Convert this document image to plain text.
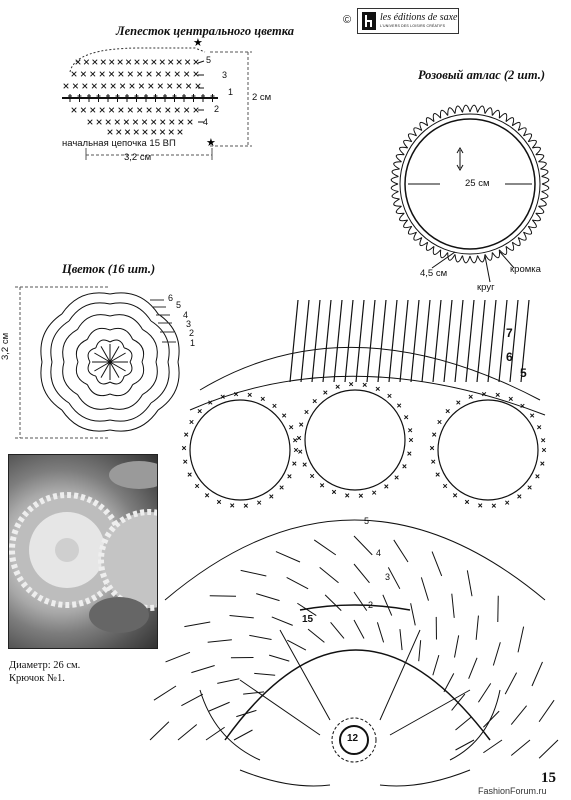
©	les éditions de saxe
L'UNIVERS DES LOISIRS CRÉATIFS
Лепесток центрального цветка
★
★
5
3
1
2
4
начальная цепочка 15 ВП
3,2 см
2 см
Розовый атлас (2 шт.)
25 см
4,5 см	кромка
круг
Цветок (16 шт.)
6
5
4
3
2
1
3,2 см	7
6
5
5
4
3
2
15
12
Диаметр: 26 см.
Крючок №1.
15
FashionForum.ru
